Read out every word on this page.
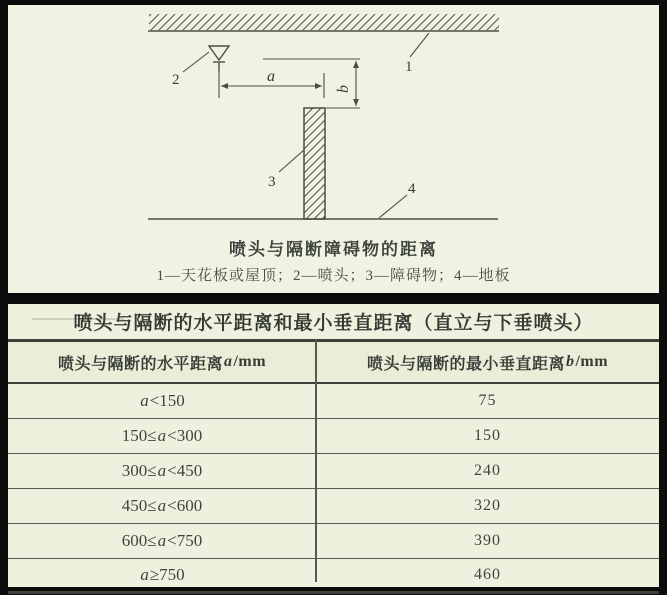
a
b
1
2
3	4
喷头与隔断障碍物的距离
1—天花板或屋顶；2—喷头；3—障碍物；4—地板
喷头与隔断的水平距离和最小垂直距离（直立与下垂喷头）
喷头与隔断的水平距离 a /mm	喷头与隔断的最小垂直距离 b /mm
a <150	75
150≤ a <300	150
300≤ a <450	240
450≤ a <600	320
600≤ a <750	390
a ≥750	460
